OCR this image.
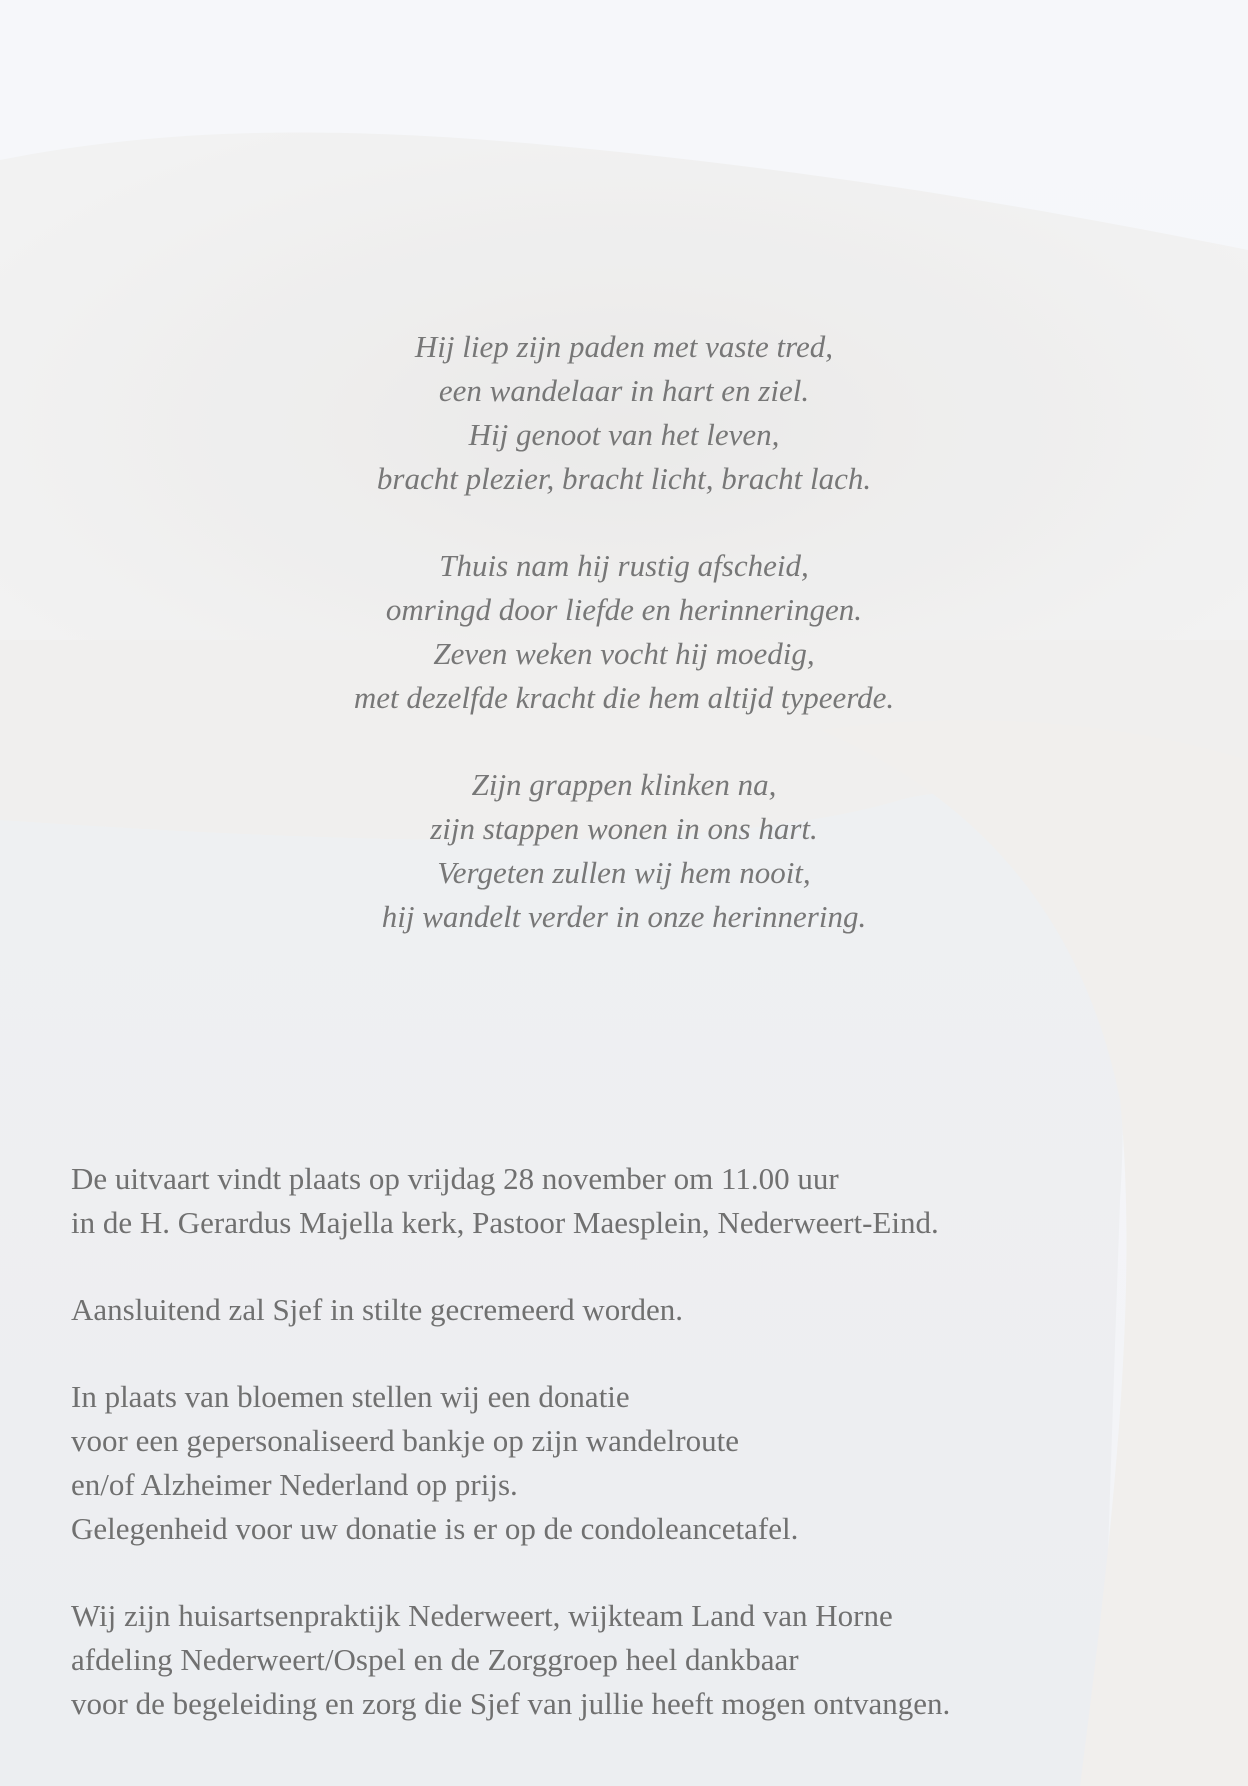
Hij liep zijn paden met vaste tred,
een wandelaar in hart en ziel.
Hij genoot van het leven,
bracht plezier, bracht licht, bracht lach.
Thuis nam hij rustig afscheid,
omringd door liefde en herinneringen.
Zeven weken vocht hij moedig,
met dezelfde kracht die hem altijd typeerde.
Zijn grappen klinken na,
zijn stappen wonen in ons hart.
Vergeten zullen wij hem nooit,
hij wandelt verder in onze herinnering.
De uitvaart vindt plaats op vrijdag 28 november om 11.00 uur
in de H. Gerardus Majella kerk, Pastoor Maesplein, Nederweert-Eind.
Aansluitend zal Sjef in stilte gecremeerd worden.
In plaats van bloemen stellen wij een donatie
voor een gepersonaliseerd bankje op zijn wandelroute
en/of Alzheimer Nederland op prijs.
Gelegenheid voor uw donatie is er op de condoleancetafel.
Wij zijn huisartsenpraktijk Nederweert, wijkteam Land van Horne
afdeling Nederweert/Ospel en de Zorggroep heel dankbaar
voor de begeleiding en zorg die Sjef van jullie heeft mogen ontvangen.
